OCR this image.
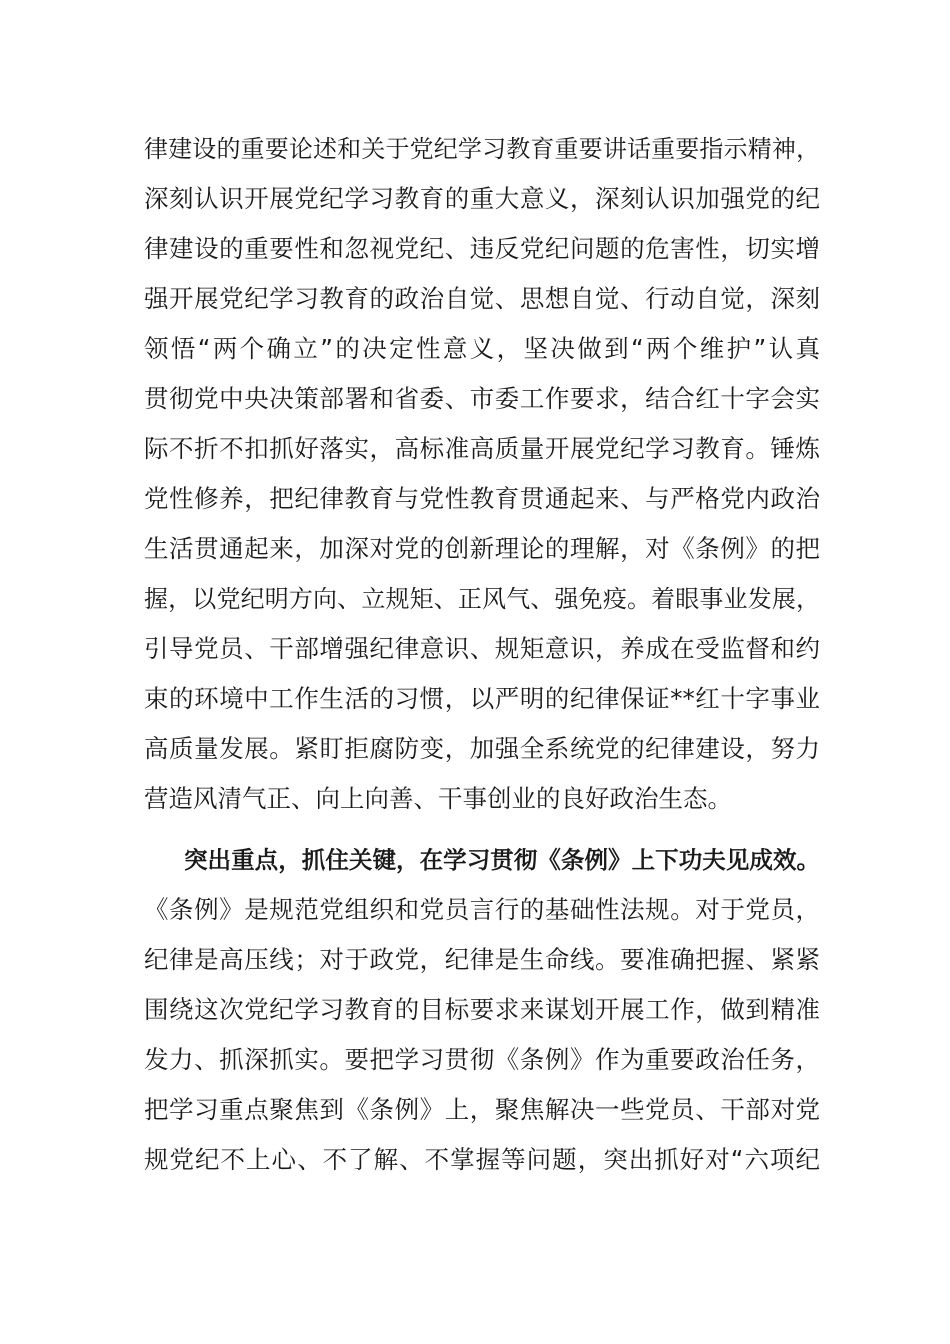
律建设的重要论述和关于党纪学习教育重要讲话重要指示精神，
深刻认识开展党纪学习教育的重大意义，深刻认识加强党的纪
律建设的重要性和忽视党纪、违反党纪问题的危害性，切实增
强开展党纪学习教育的政治自觉、思想自觉、行动自觉，深刻
领悟“两个确立”的决定性意义，坚决做到“两个维护”认真
贯彻党中央决策部署和省委、市委工作要求，结合红十字会实
际不折不扣抓好落实，高标准高质量开展党纪学习教育。锤炼
党性修养，把纪律教育与党性教育贯通起来、与严格党内政治
生活贯通起来，加深对党的创新理论的理解，对《条例》的把
握，以党纪明方向、立规矩、正风气、强免疫。着眼事业发展，
引导党员、干部增强纪律意识、规矩意识，养成在受监督和约
束的环境中工作生活的习惯，以严明的纪律保证**红十字事业
高质量发展。紧盯拒腐防变，加强全系统党的纪律建设，努力
营造风清气正、向上向善、干事创业的良好政治生态。
突出重点，抓住关键，在学习贯彻《条例》上下功夫见成效。
《条例》是规范党组织和党员言行的基础性法规。对于党员，
纪律是高压线；对于政党，纪律是生命线。要准确把握、紧紧
围绕这次党纪学习教育的目标要求来谋划开展工作，做到精准
发力、抓深抓实。要把学习贯彻《条例》作为重要政治任务，
把学习重点聚焦到《条例》上，聚焦解决一些党员、干部对党
规党纪不上心、不了解、不掌握等问题，突出抓好对“六项纪
